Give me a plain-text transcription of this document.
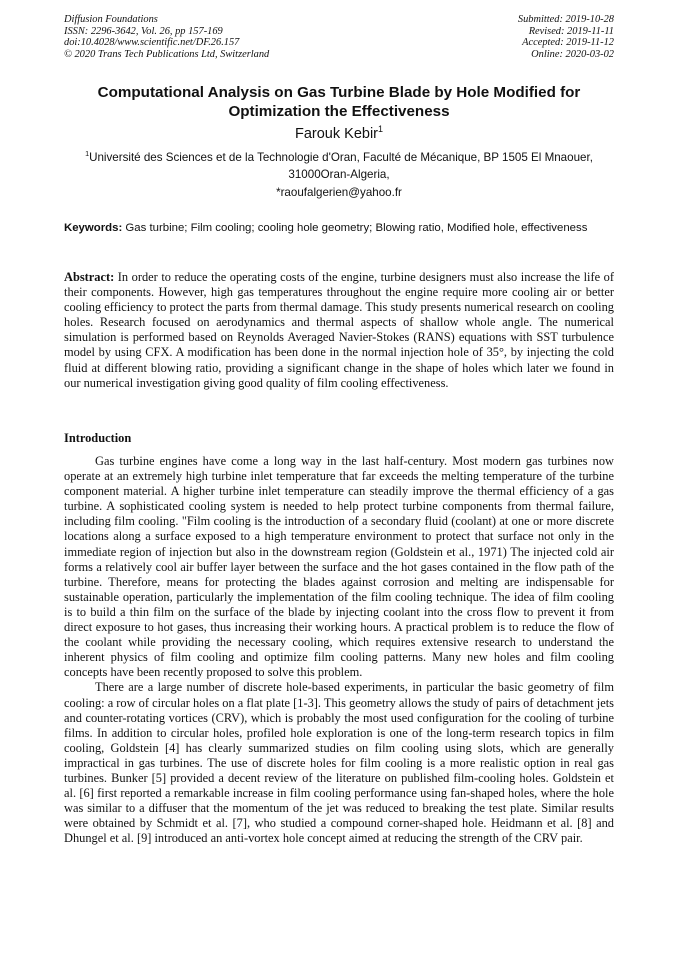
Diffusion Foundations
ISSN: 2296-3642, Vol. 26, pp 157-169
doi:10.4028/www.scientific.net/DF.26.157
© 2020 Trans Tech Publications Ltd, Switzerland
Submitted: 2019-10-28
Revised: 2019-11-11
Accepted: 2019-11-12
Online: 2020-03-02
Computational Analysis on Gas Turbine Blade by Hole Modified for Optimization the Effectiveness
Farouk Kebir$^1$
$^1$Université des Sciences et de la Technologie d'Oran, Faculté de Mécanique, BP 1505 El Mnaouer, 31000Oran-Algeria,
*raoufalgerien@yahoo.fr
Keywords: Gas turbine; Film cooling; cooling hole geometry; Blowing ratio, Modified hole, effectiveness
Abstract: In order to reduce the operating costs of the engine, turbine designers must also increase the life of their components. However, high gas temperatures throughout the engine require more cooling air or better cooling efficiency to protect the parts from thermal damage. This study presents numerical research on cooling holes. Research focused on aerodynamics and thermal aspects of shallow whole angle. The numerical simulation is performed based on Reynolds Averaged Navier-Stokes (RANS) equations with SST turbulence model by using CFX. A modification has been done in the normal injection hole of 35°, by injecting the cold fluid at different blowing ratio, providing a significant change in the shape of holes which later we found in our numerical investigation giving good quality of film cooling effectiveness.
Introduction

Gas turbine engines have come a long way in the last half-century. Most modern gas turbines now operate at an extremely high turbine inlet temperature that far exceeds the melting temperature of the turbine component material. A higher turbine inlet temperature can steadily improve the thermal efficiency of a gas turbine. A sophisticated cooling system is needed to help protect turbine components from thermal failure, including film cooling. "Film cooling is the introduction of a secondary fluid (coolant) at one or more discrete locations along a surface exposed to a high temperature environment to protect that surface not only in the immediate region of injection but also in the downstream region (Goldstein et al., 1971) The injected cold air forms a relatively cool air buffer layer between the surface and the hot gases contained in the flow path of the turbine. Therefore, means for protecting the blades against corrosion and melting are indispensable for sustainable operation, particularly the implementation of the film cooling technique. The idea of film cooling is to build a thin film on the surface of the blade by injecting coolant into the cross flow to prevent it from direct exposure to hot gases, thus increasing their working hours. A practical problem is to reduce the flow of the coolant while providing the necessary cooling, which requires extensive research to understand the inherent physics of film cooling and optimize film cooling patterns. Many new holes and film cooling concepts have been recently proposed to solve this problem.

There are a large number of discrete hole-based experiments, in particular the basic geometry of film cooling: a row of circular holes on a flat plate [1-3]. This geometry allows the study of pairs of detachment jets and counter-rotating vortices (CRV), which is probably the most used configuration for the cooling of turbine films. In addition to circular holes, profiled hole exploration is one of the long-term research topics in film cooling, Goldstein [4] has clearly summarized studies on film cooling using slots, which are generally impractical in gas turbines. The use of discrete holes for film cooling is a more realistic option in real gas turbines. Bunker [5] provided a decent review of the literature on published film-cooling holes. Goldstein et al. [6] first reported a remarkable increase in film cooling performance using fan-shaped holes, where the hole was similar to a diffuser that the momentum of the jet was reduced to breaking the test plate. Similar results were obtained by Schmidt et al. [7], who studied a compound corner-shaped hole. Heidmann et al. [8] and Dhungel et al. [9] introduced an anti-vortex hole concept aimed at reducing the strength of the CRV pair.
